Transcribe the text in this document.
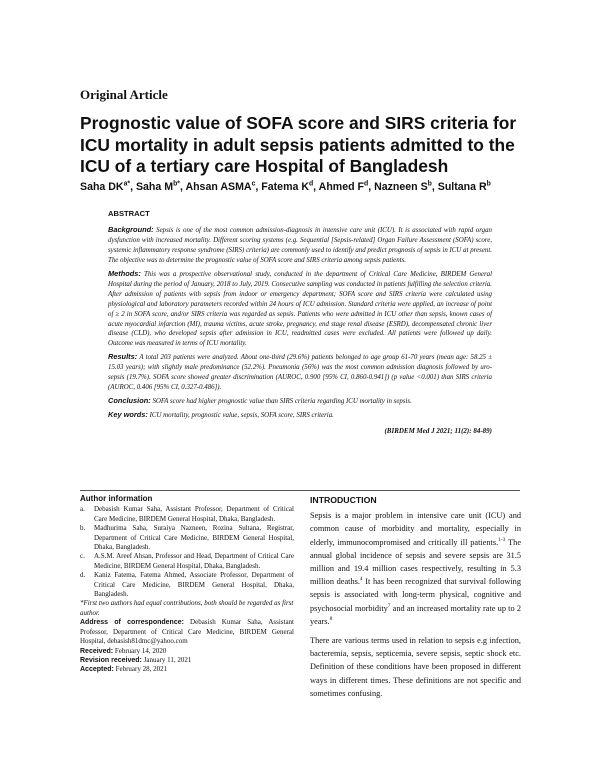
Original Article
Prognostic value of SOFA score and SIRS criteria for ICU mortality in adult sepsis patients admitted to the ICU of a tertiary care Hospital of Bangladesh
Saha $DK^{a*}$, Saha $M^{b*}$, Ahsan ASMA$^c$, Fatema $K^d$, Ahmed $F^d$, Nazneen $S^b$, Sultana $R^b$
ABSTRACT

Background: Sepsis is one of the most common admission-diagnosis in intensive care unit (ICU). It is associated with rapid organ dysfunction with increased mortality. Different scoring systems (e.g. Sequential [Sepsis-related] Organ Failure Assessment (SOFA) score, systemic inflammatory response syndrome (SIRS) criteria) are commonly used to identify and predict prognosis of sepsis in ICU at present. The objective was to determine the prognostic value of SOFA score and SIRS criteria among sepsis patients.

Methods: This was a prospective observational study, conducted in the department of Critical Care Medicine, BIRDEM General Hospital during the period of January, 2018 to July, 2019. Consecutive sampling was conducted in patients fulfilling the selection criteria. After admission of patients with sepsis from indoor or emergency department; SOFA score and SIRS criteria were calculated using physiological and laboratory parameters recorded within 24 hours of ICU admission. Standard criteria were applied, an increase of point of ≥ 2 in SOFA score, and/or SIRS criteria was regarded as sepsis. Patients who were admitted in ICU other than sepsis, known cases of acute myocardial infarction (MI), trauma victims, acute stroke, pregnancy, end stage renal disease (ESRD), decompensated chronic liver disease (CLD), who developed sepsis after admission in ICU, readmitted cases were excluded. All patients were followed up daily. Outcome was measured in terms of ICU mortality.

Results: A total 203 patients were analyzed. About one-third (29.6%) patients belonged to age group 61-70 years (mean age: 58.25 ± 15.03 years); with slightly male predominance (52.2%). Pneumonia (56%) was the most common admission diagnosis followed by uro-sepsis (19.7%). SOFA score showed greater discrimination (AUROC, 0.900 [95% CI, 0.860-0.941]) (p value <0.001) than SIRS criteria (AUROC, 0.406 [95% CI, 0.327-0.486]).

Conclusion: SOFA score had higher prognostic value than SIRS criteria regarding ICU mortality in sepsis.

Key words: ICU mortality, prognostic value, sepsis, SOFA score, SIRS criteria.

(BIRDEM Med J 2021; 11(2): 84-89)
Author information
a.	Debasish Kumar Saha, Assistant Professor, Department of Critical Care Medicine, BIRDEM General Hospital, Dhaka, Bangladesh.
b.	Madhurima Saha, Suraiya Nazneen, Rozina Sultana, Registrar, Department of Critical Care Medicine, BIRDEM General Hospital, Dhaka, Bangladesh.
c.	A.S.M. Areef Ahsan, Professor and Head, Department of Critical Care Medicine, BIRDEM General Hospital, Dhaka, Bangladesh.
d.	Kaniz Fatema, Fatema Ahmed, Associate Professor, Department of Critical Care Medicine, BIRDEM General Hospital, Dhaka, Bangladesh.
*First two authors had equal contributions, both should be regarded as first author.
Address of correspondence: Debasish Kumar Saha, Assistant Professor, Department of Critical Care Medicine, BIRDEM General Hospital, debasish81dmc@yahoo.com
Received: February 14, 2020
Revision received: January 11, 2021
Accepted: February 28, 2021
INTRODUCTION

Sepsis is a major problem in intensive care unit (ICU) and common cause of morbidity and mortality, especially in elderly, immunocompromised and critically ill patients.$^{1-3}$ The annual global incidence of sepsis and severe sepsis are 31.5 million and 19.4 million cases respectively, resulting in 5.3 million deaths.$^4$ It has been recognized that survival following sepsis is associated with long-term physical, cognitive and psychosocial morbidity$^7$ and an increased mortality rate up to 2 years.$^8$

There are various terms used in relation to sepsis e.g infection, bacteremia, sepsis, septicemia, severe sepsis, septic shock etc. Definition of these conditions have been proposed in different ways in different times. These definitions are not specific and sometimes confusing.
